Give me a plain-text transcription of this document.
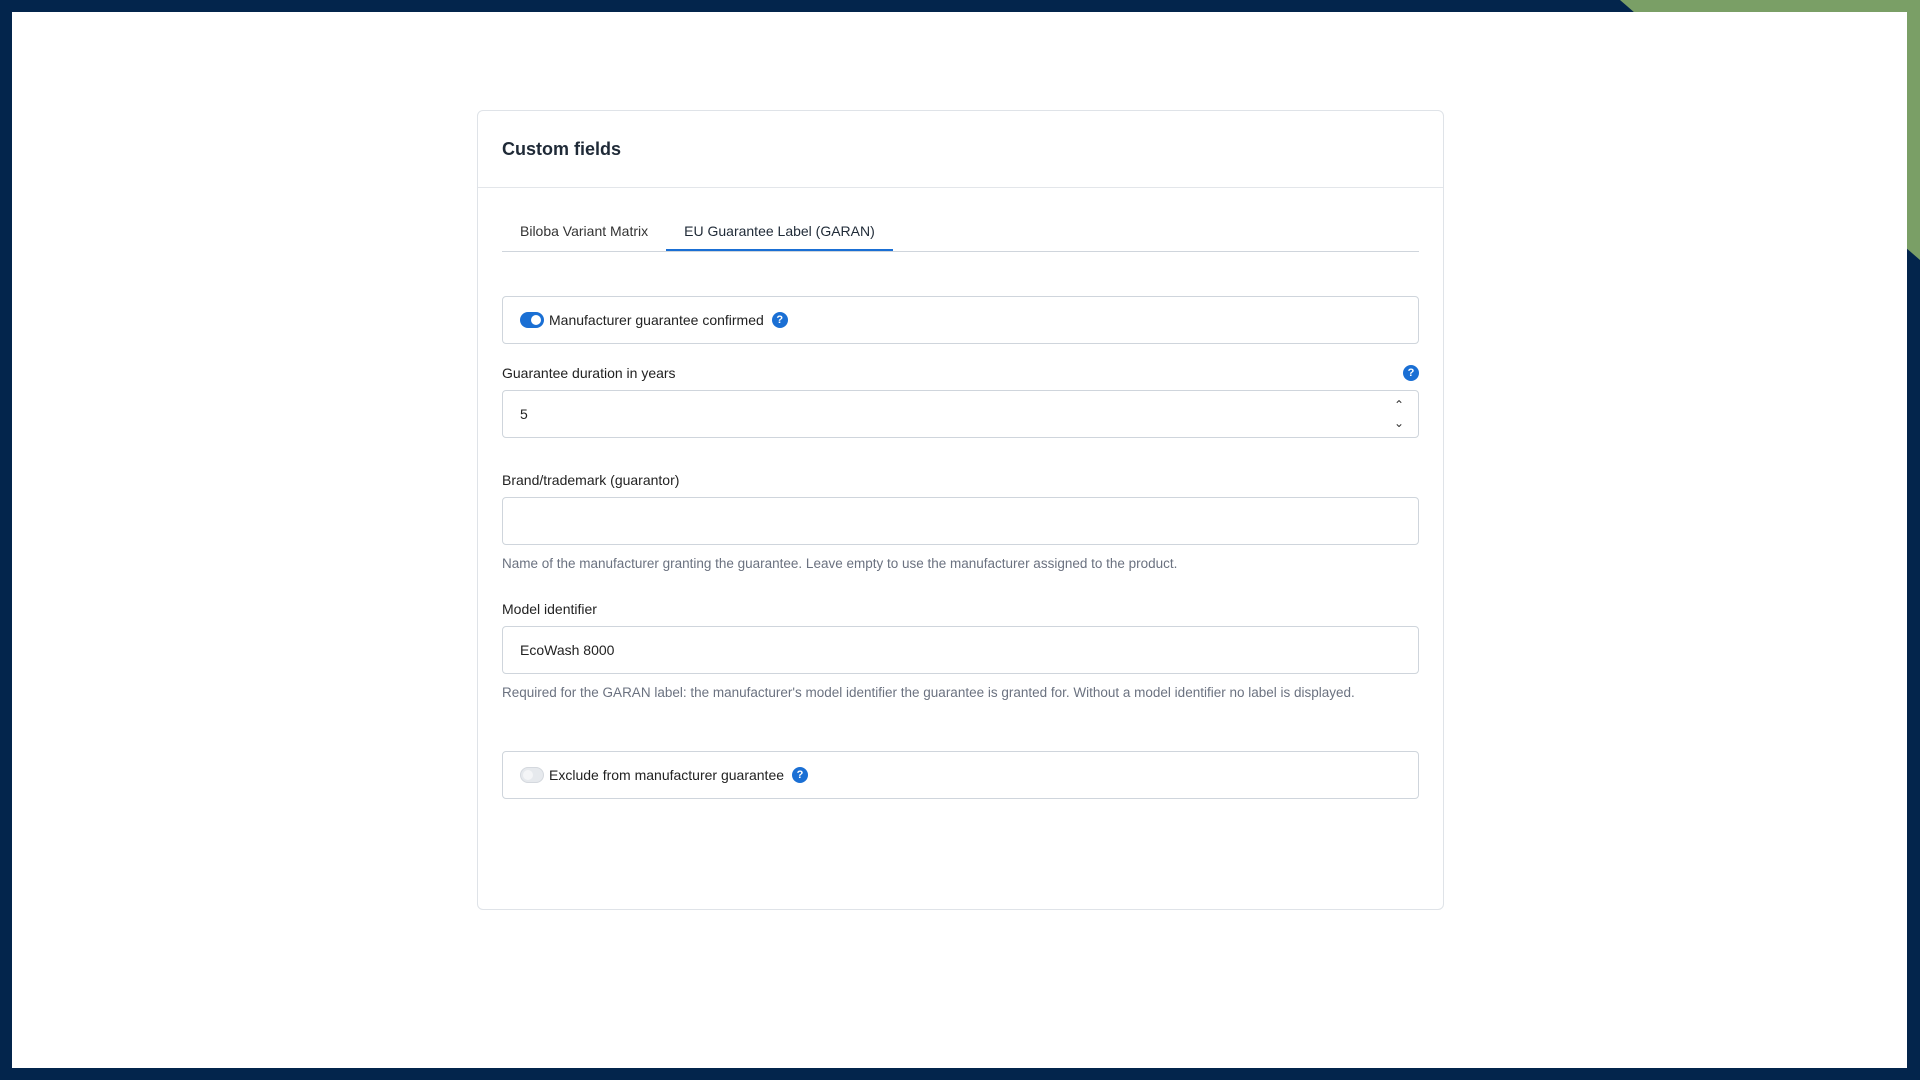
Custom fields
Biloba Variant Matrix	EU Guarantee Label (GARAN)
Manufacturer guarantee confirmed	?
Guarantee duration in years	?
5
⌃
⌄
Brand/trademark (guarantor)
Name of the manufacturer granting the guarantee. Leave empty to use the manufacturer assigned to the product.
Model identifier
EcoWash 8000
Required for the GARAN label: the manufacturer's model identifier the guarantee is granted for. Without a model identifier no label is displayed.
Exclude from manufacturer guarantee	?
